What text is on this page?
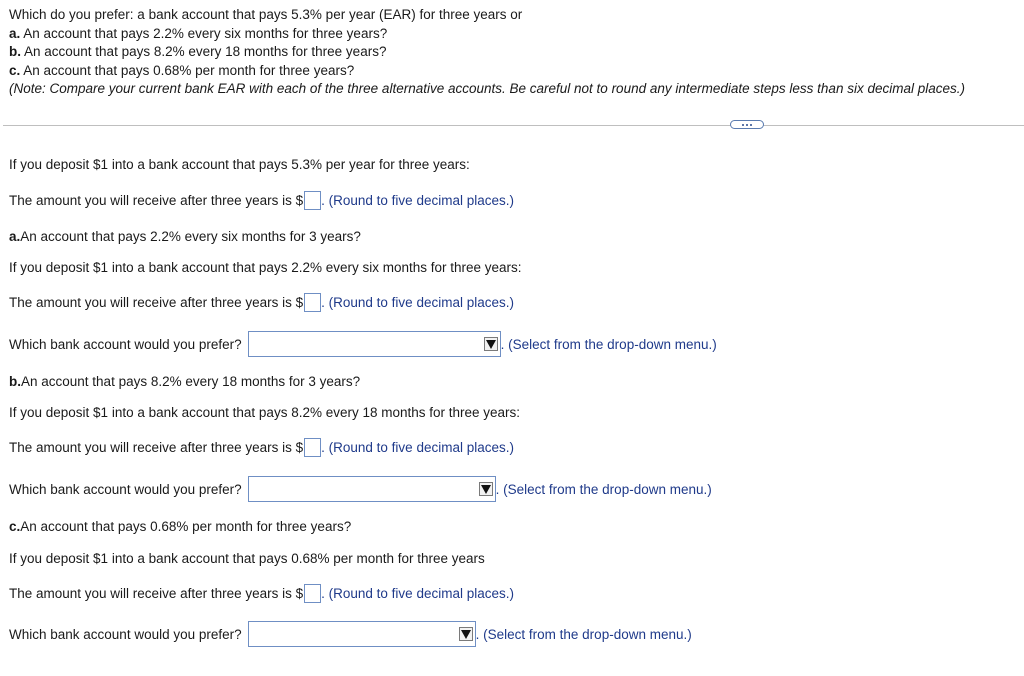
Which do you prefer: a bank account that pays 5.3% per year (EAR) for three years or
a. An account that pays 2.2% every six months for three years?
b. An account that pays 8.2% every 18 months for three years?
c. An account that pays 0.68% per month for three years?
(Note: Compare your current bank EAR with each of the three alternative accounts. Be careful not to round any intermediate steps less than six decimal places.)
If you deposit $1 into a bank account that pays 5.3% per year for three years:
The amount you will receive after three years is $ . (Round to five decimal places.)
a. An account that pays 2.2% every six months for 3 years?
If you deposit $1 into a bank account that pays 2.2% every six months for three years:
The amount you will receive after three years is $ . (Round to five decimal places.)
Which bank account would you prefer?	. (Select from the drop-down menu.)
b. An account that pays 8.2% every 18 months for 3 years?
If you deposit $1 into a bank account that pays 8.2% every 18 months for three years:
The amount you will receive after three years is $ . (Round to five decimal places.)
Which bank account would you prefer?	. (Select from the drop-down menu.)
c. An account that pays 0.68% per month for three years?
If you deposit $1 into a bank account that pays 0.68% per month for three years
The amount you will receive after three years is $ . (Round to five decimal places.)
Which bank account would you prefer?	. (Select from the drop-down menu.)
